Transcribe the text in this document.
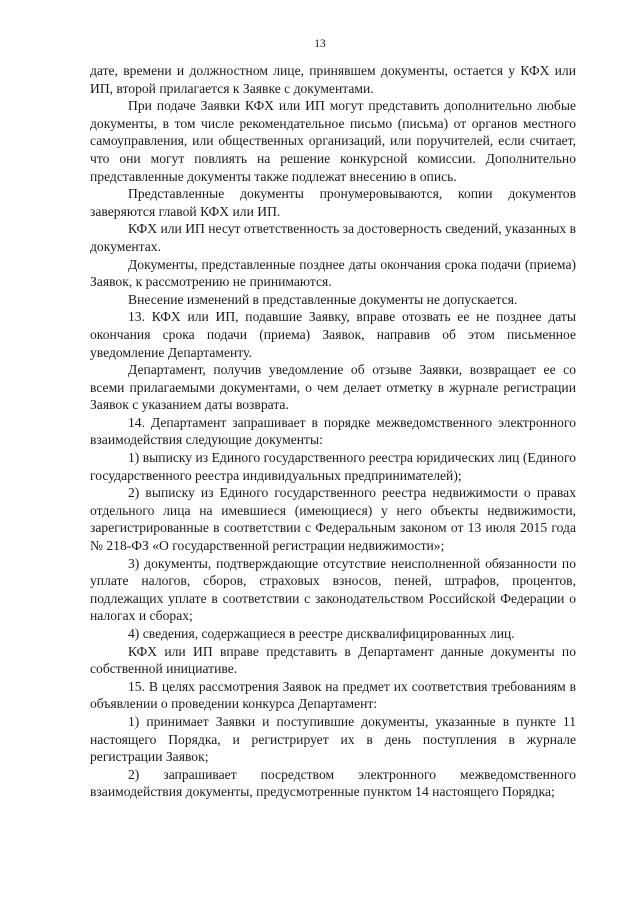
13

дате, времени и должностном лице, принявшем документы, остается у КФХ или ИП, второй прилагается к Заявке с документами.

При подаче Заявки КФХ или ИП могут представить дополнительно любые документы, в том числе рекомендательное письмо (письма) от органов местного самоуправления, или общественных организаций, или поручителей, если считает, что они могут повлиять на решение конкурсной комиссии. Дополнительно представленные документы также подлежат внесению в опись.

Представленные документы пронумеровываются, копии документов заверяются главой КФХ или ИП.

КФХ или ИП несут ответственность за достоверность сведений, указанных в документах.

Документы, представленные позднее даты окончания срока подачи (приема) Заявок, к рассмотрению не принимаются.

Внесение изменений в представленные документы не допускается.

13. КФХ или ИП, подавшие Заявку, вправе отозвать ее не позднее даты окончания срока подачи (приема) Заявок, направив об этом письменное уведомление Департаменту.

Департамент, получив уведомление об отзыве Заявки, возвращает ее со всеми прилагаемыми документами, о чем делает отметку в журнале регистрации Заявок с указанием даты возврата.

14. Департамент запрашивает в порядке межведомственного электронного взаимодействия следующие документы:

1) выписку из Единого государственного реестра юридических лиц (Единого государственного реестра индивидуальных предпринимателей);

2) выписку из Единого государственного реестра недвижимости о правах отдельного лица на имевшиеся (имеющиеся) у него объекты недвижимости, зарегистрированные в соответствии с Федеральным законом от 13 июля 2015 года № 218-ФЗ «О государственной регистрации недвижимости»;

3) документы, подтверждающие отсутствие неисполненной обязанности по уплате налогов, сборов, страховых взносов, пеней, штрафов, процентов, подлежащих уплате в соответствии с законодательством Российской Федерации о налогах и сборах;

4) сведения, содержащиеся в реестре дисквалифицированных лиц.

КФХ или ИП вправе представить в Департамент данные документы по собственной инициативе.

15. В целях рассмотрения Заявок на предмет их соответствия требованиям в объявлении о проведении конкурса Департамент:

1) принимает Заявки и поступившие документы, указанные в пункте 11 настоящего Порядка, и регистрирует их в день поступления в журнале регистрации Заявок;

2) запрашивает посредством электронного межведомственного взаимодействия документы, предусмотренные пунктом 14 настоящего Порядка;
